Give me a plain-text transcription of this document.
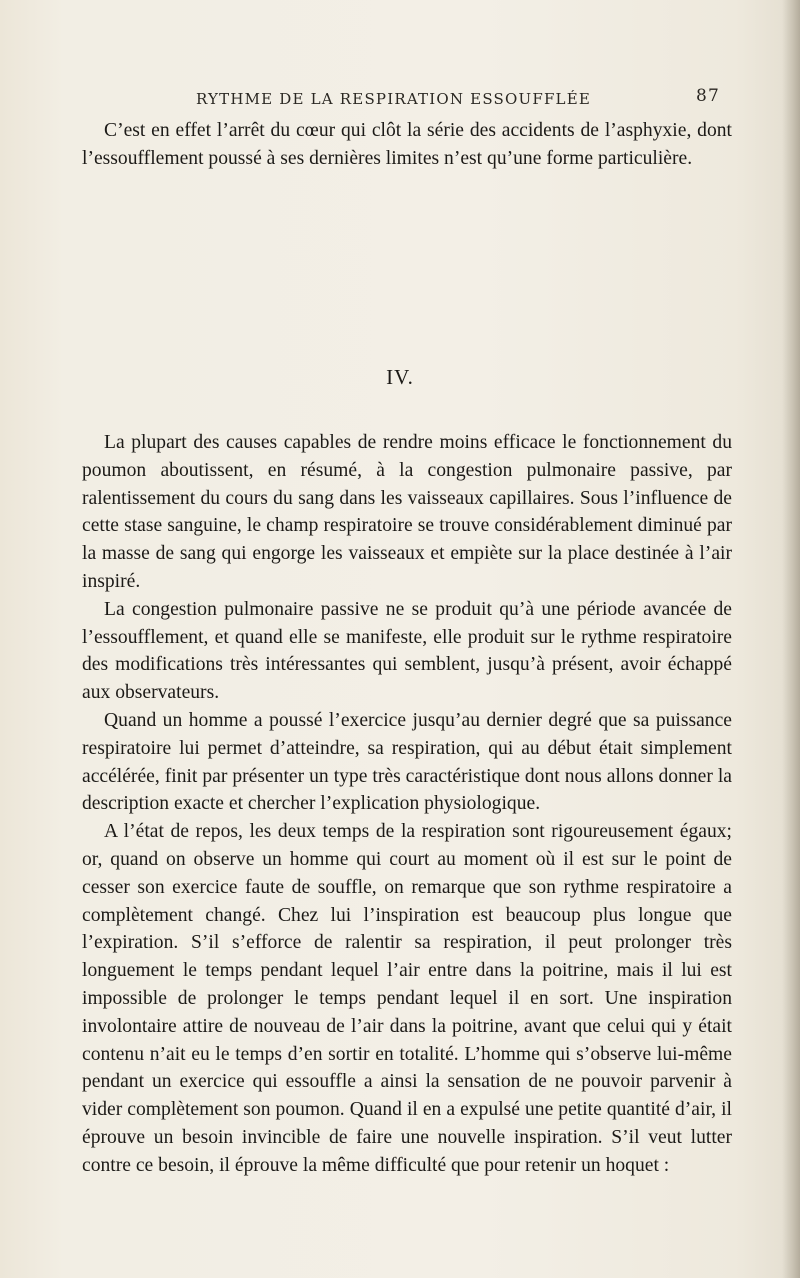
RYTHME DE LA RESPIRATION ESSOUFFLÉE	87

C’est en effet l’arrêt du cœur qui clôt la série des accidents de l’asphyxie, dont l’essoufflement poussé à ses dernières limites n’est qu’une forme particulière.

IV.

La plupart des causes capables de rendre moins efficace le fonctionnement du poumon aboutissent, en résumé, à la congestion pulmonaire passive, par ralentissement du cours du sang dans les vaisseaux capillaires. Sous l’influence de cette stase sanguine, le champ respiratoire se trouve considérablement diminué par la masse de sang qui engorge les vaisseaux et empiète sur la place destinée à l’air inspiré.

La congestion pulmonaire passive ne se produit qu’à une période avancée de l’essoufflement, et quand elle se manifeste, elle produit sur le rythme respiratoire des modifications très intéressantes qui semblent, jusqu’à présent, avoir échappé aux observateurs.

Quand un homme a poussé l’exercice jusqu’au dernier degré que sa puissance respiratoire lui permet d’atteindre, sa respiration, qui au début était simplement accélérée, finit par présenter un type très caractéristique dont nous allons donner la description exacte et chercher l’explication physiologique.

A l’état de repos, les deux temps de la respiration sont rigoureusement égaux; or, quand on observe un homme qui court au moment où il est sur le point de cesser son exercice faute de souffle, on remarque que son rythme respiratoire a complètement changé. Chez lui l’inspiration est beaucoup plus longue que l’expiration. S’il s’efforce de ralentir sa respiration, il peut prolonger très longuement le temps pendant lequel l’air entre dans la poitrine, mais il lui est impossible de prolonger le temps pendant lequel il en sort. Une inspiration involontaire attire de nouveau de l’air dans la poitrine, avant que celui qui y était contenu n’ait eu le temps d’en sortir en totalité. L’homme qui s’observe lui-même pendant un exercice qui essouffle a ainsi la sensation de ne pouvoir parvenir à vider complètement son poumon. Quand il en a expulsé une petite quantité d’air, il éprouve un besoin invincible de faire une nouvelle inspiration. S’il veut lutter contre ce besoin, il éprouve la même difficulté que pour retenir un hoquet :
